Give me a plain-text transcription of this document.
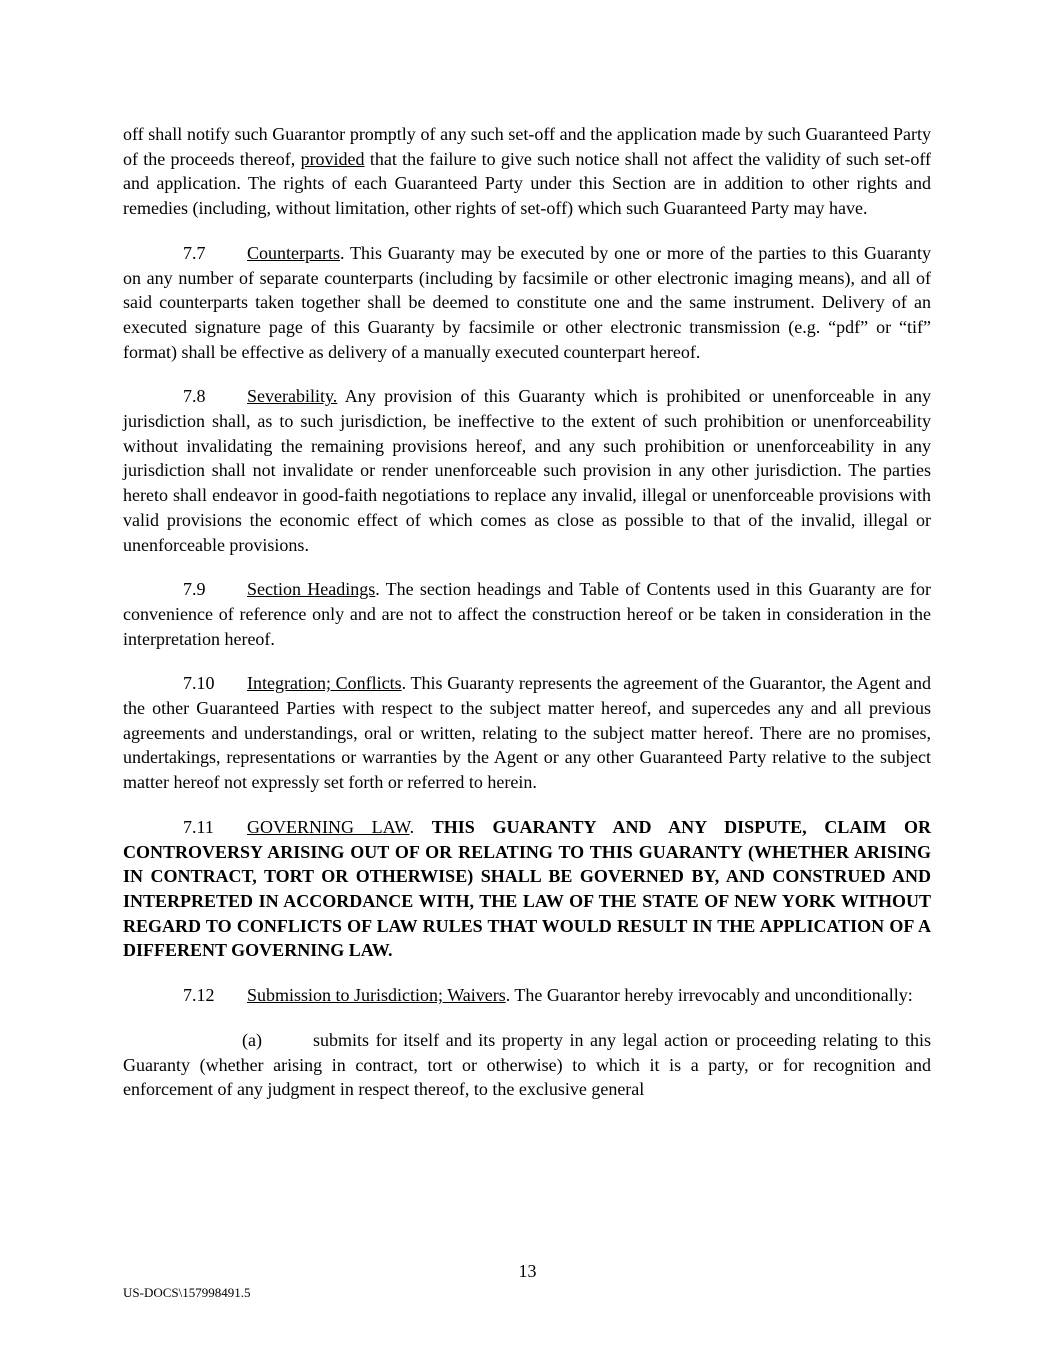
off shall notify such Guarantor promptly of any such set-off and the application made by such Guaranteed Party of the proceeds thereof, provided that the failure to give such notice shall not affect the validity of such set-off and application. The rights of each Guaranteed Party under this Section are in addition to other rights and remedies (including, without limitation, other rights of set-off) which such Guaranteed Party may have.

7.7 Counterparts. This Guaranty may be executed by one or more of the parties to this Guaranty on any number of separate counterparts (including by facsimile or other electronic imaging means), and all of said counterparts taken together shall be deemed to constitute one and the same instrument. Delivery of an executed signature page of this Guaranty by facsimile or other electronic transmission (e.g. “pdf” or “tif” format) shall be effective as delivery of a manually executed counterpart hereof.

7.8 Severability. Any provision of this Guaranty which is prohibited or unenforceable in any jurisdiction shall, as to such jurisdiction, be ineffective to the extent of such prohibition or unenforceability without invalidating the remaining provisions hereof, and any such prohibition or unenforceability in any jurisdiction shall not invalidate or render unenforceable such provision in any other jurisdiction. The parties hereto shall endeavor in good-faith negotiations to replace any invalid, illegal or unenforceable provisions with valid provisions the economic effect of which comes as close as possible to that of the invalid, illegal or unenforceable provisions.

7.9 Section Headings. The section headings and Table of Contents used in this Guaranty are for convenience of reference only and are not to affect the construction hereof or be taken in consideration in the interpretation hereof.

7.10 Integration; Conflicts. This Guaranty represents the agreement of the Guarantor, the Agent and the other Guaranteed Parties with respect to the subject matter hereof, and supercedes any and all previous agreements and understandings, oral or written, relating to the subject matter hereof. There are no promises, undertakings, representations or warranties by the Agent or any other Guaranteed Party relative to the subject matter hereof not expressly set forth or referred to herein.

7.11 GOVERNING LAW. THIS GUARANTY AND ANY DISPUTE, CLAIM OR CONTROVERSY ARISING OUT OF OR RELATING TO THIS GUARANTY (WHETHER ARISING IN CONTRACT, TORT OR OTHERWISE) SHALL BE GOVERNED BY, AND CONSTRUED AND INTERPRETED IN ACCORDANCE WITH, THE LAW OF THE STATE OF NEW YORK WITHOUT REGARD TO CONFLICTS OF LAW RULES THAT WOULD RESULT IN THE APPLICATION OF A DIFFERENT GOVERNING LAW.

7.12 Submission to Jurisdiction; Waivers. The Guarantor hereby irrevocably and unconditionally:

(a)	submits for itself and its property in any legal action or proceeding relating to this Guaranty (whether arising in contract, tort or otherwise) to which it is a party, or for recognition and enforcement of any judgment in respect thereof, to the exclusive general

13
US-DOCS\157998491.5
